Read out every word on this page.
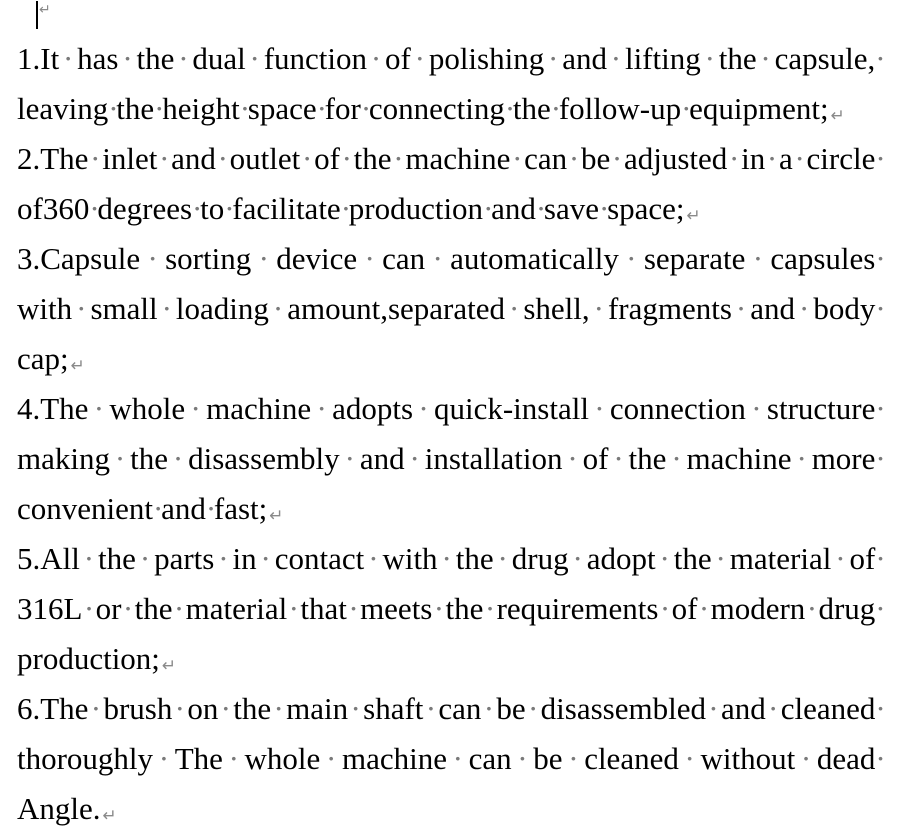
↵
1.It · has · the · dual · function · of · polishing · and · lifting · the · capsule, ·
leaving ·
the ·
height ·
space ·
for ·
connecting ·
the ·
follow-up ·
equipment; ↵
2.The · inlet · and · outlet · of · the · machine · can · be · adjusted · in · a · circle ·
of360 ·
degrees ·
to ·
facilitate ·
production ·
and ·
save ·
space; ↵
3.Capsule · sorting · device · can · automatically · separate · capsules ·
with · small · loading · amount,separated · shell, · fragments · and · body ·
cap; ↵
4.The · whole · machine · adopts · quick-install · connection · structure ·
making · the · disassembly · and · installation · of · the · machine · more ·
convenient ·
and ·
fast; ↵
5.All · the · parts · in · contact · with · the · drug · adopt · the · material · of ·
316L · or · the · material · that · meets · the · requirements · of · modern · drug ·
production; ↵
6.The · brush · on · the · main · shaft · can · be · disassembled · and · cleaned ·
thoroughly · The · whole · machine · can · be · cleaned · without · dead ·
Angle. ↵
